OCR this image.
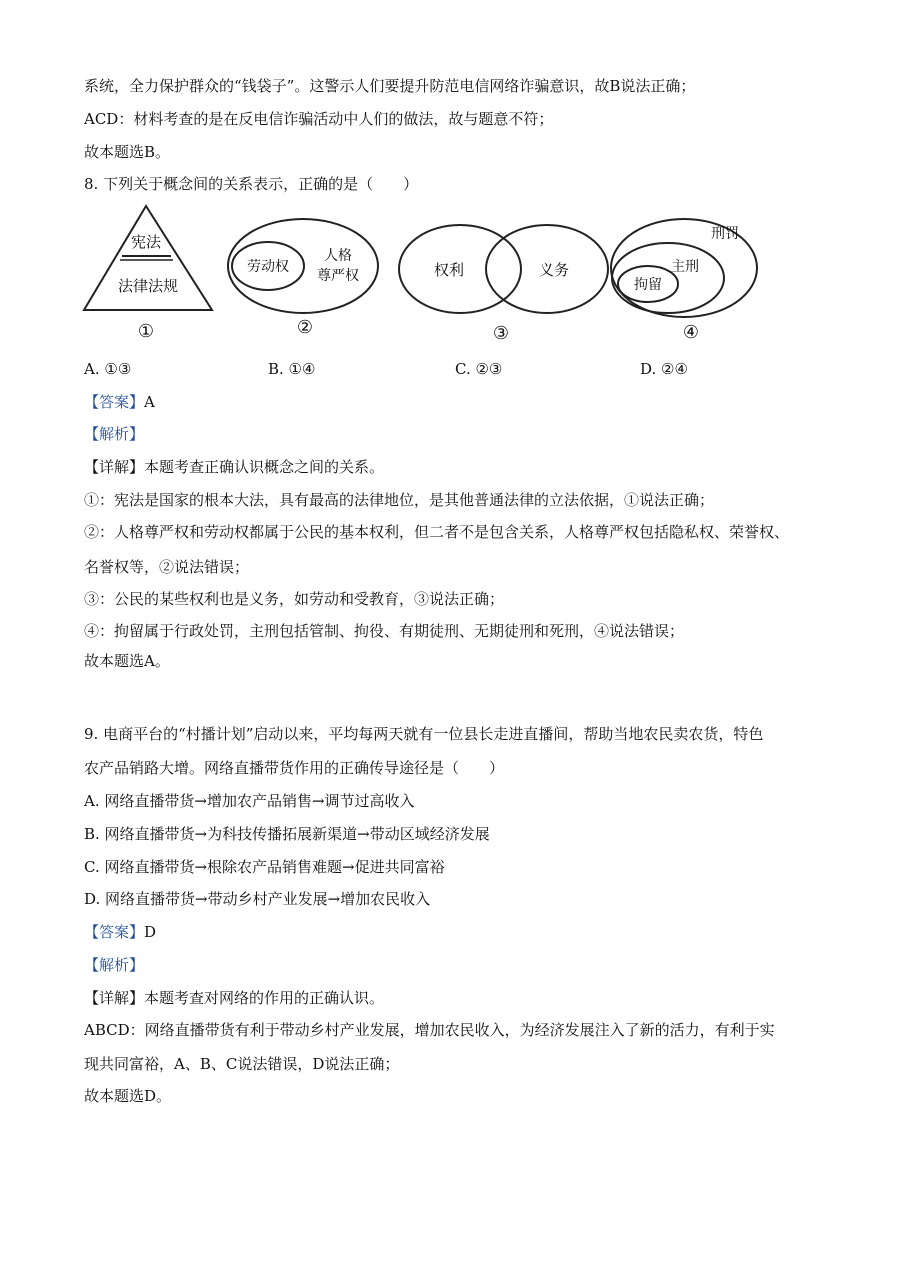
系统，全力保护群众的“钱袋子”。这警示人们要提升防范电信网络诈骗意识，故B说法正确；
ACD：材料考查的是在反电信诈骗活动中人们的做法，故与题意不符；
故本题选B。
8. 下列关于概念间的关系表示，正确的是（　　）
宪法
法律法规
①
劳动权
人格
尊严权
②
权利	义务
③
刑罚
主刑
拘留
④
A. ①③	B. ①④	C. ②③	D. ②④
【答案】A
【解析】
【详解】本题考查正确认识概念之间的关系。
①：宪法是国家的根本大法，具有最高的法律地位，是其他普通法律的立法依据，①说法正确；
②：人格尊严权和劳动权都属于公民的基本权利，但二者不是包含关系，人格尊严权包括隐私权、荣誉权、
名誉权等，②说法错误；
③：公民的某些权利也是义务，如劳动和受教育，③说法正确；
④：拘留属于行政处罚，主刑包括管制、拘役、有期徒刑、无期徒刑和死刑，④说法错误；
故本题选A。
9. 电商平台的“村播计划”启动以来，平均每两天就有一位县长走进直播间，帮助当地农民卖农货，特色
农产品销路大增。网络直播带货作用的正确传导途径是（　　）
A. 网络直播带货→增加农产品销售→调节过高收入
B. 网络直播带货→为科技传播拓展新渠道→带动区域经济发展
C. 网络直播带货→根除农产品销售难题→促进共同富裕
D. 网络直播带货→带动乡村产业发展→增加农民收入
【答案】D
【解析】
【详解】本题考查对网络的作用的正确认识。
ABCD：网络直播带货有利于带动乡村产业发展，增加农民收入，为经济发展注入了新的活力，有利于实
现共同富裕，A、B、C说法错误，D说法正确；
故本题选D。
